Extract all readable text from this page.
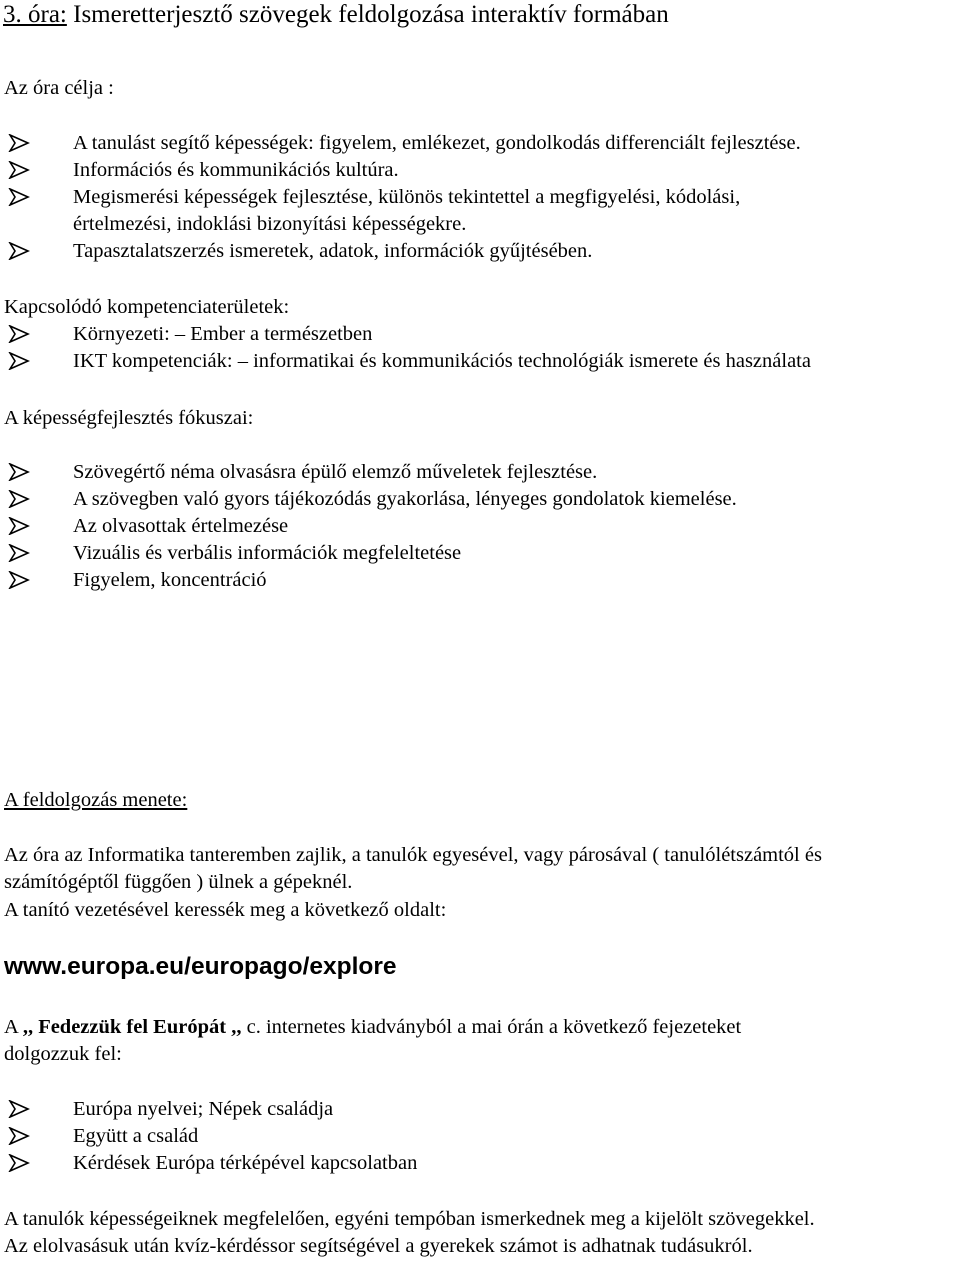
3. óra: Ismeretterjesztő szövegek feldolgozása interaktív formában
Az óra célja :
A tanulást segítő képességek: figyelem, emlékezet, gondolkodás differenciált fejlesztése.
Információs és kommunikációs kultúra.
Megismerési képességek fejlesztése, különös tekintettel a megfigyelési, kódolási,
értelmezési, indoklási bizonyítási képességekre.
Tapasztalatszerzés ismeretek, adatok, információk gyűjtésében.
Kapcsolódó kompetenciaterületek:
Környezeti: – Ember a természetben
IKT kompetenciák: – informatikai és kommunikációs technológiák ismerete és használata
A képességfejlesztés fókuszai:
Szövegértő néma olvasásra épülő elemző műveletek fejlesztése.
A szövegben való gyors tájékozódás gyakorlása, lényeges gondolatok kiemelése.
Az olvasottak értelmezése
Vizuális és verbális információk megfeleltetése
Figyelem, koncentráció
A feldolgozás menete:
Az óra az Informatika tanteremben zajlik, a tanulók egyesével, vagy párosával ( tanulólétszámtól és
számítógéptől függően ) ülnek a gépeknél.
A tanító vezetésével keressék meg a következő oldalt:
www.europa.eu/europago/explore
A ,, Fedezzük fel Európát ,, c. internetes kiadványból a mai órán a következő fejezeteket
dolgozzuk fel:
Európa nyelvei; Népek családja
Együtt a család
Kérdések Európa térképével kapcsolatban
A tanulók képességeiknek megfelelően, egyéni tempóban ismerkednek meg a kijelölt szövegekkel.
Az elolvasásuk után kvíz-kérdéssor segítségével a gyerekek számot is adhatnak tudásukról.
